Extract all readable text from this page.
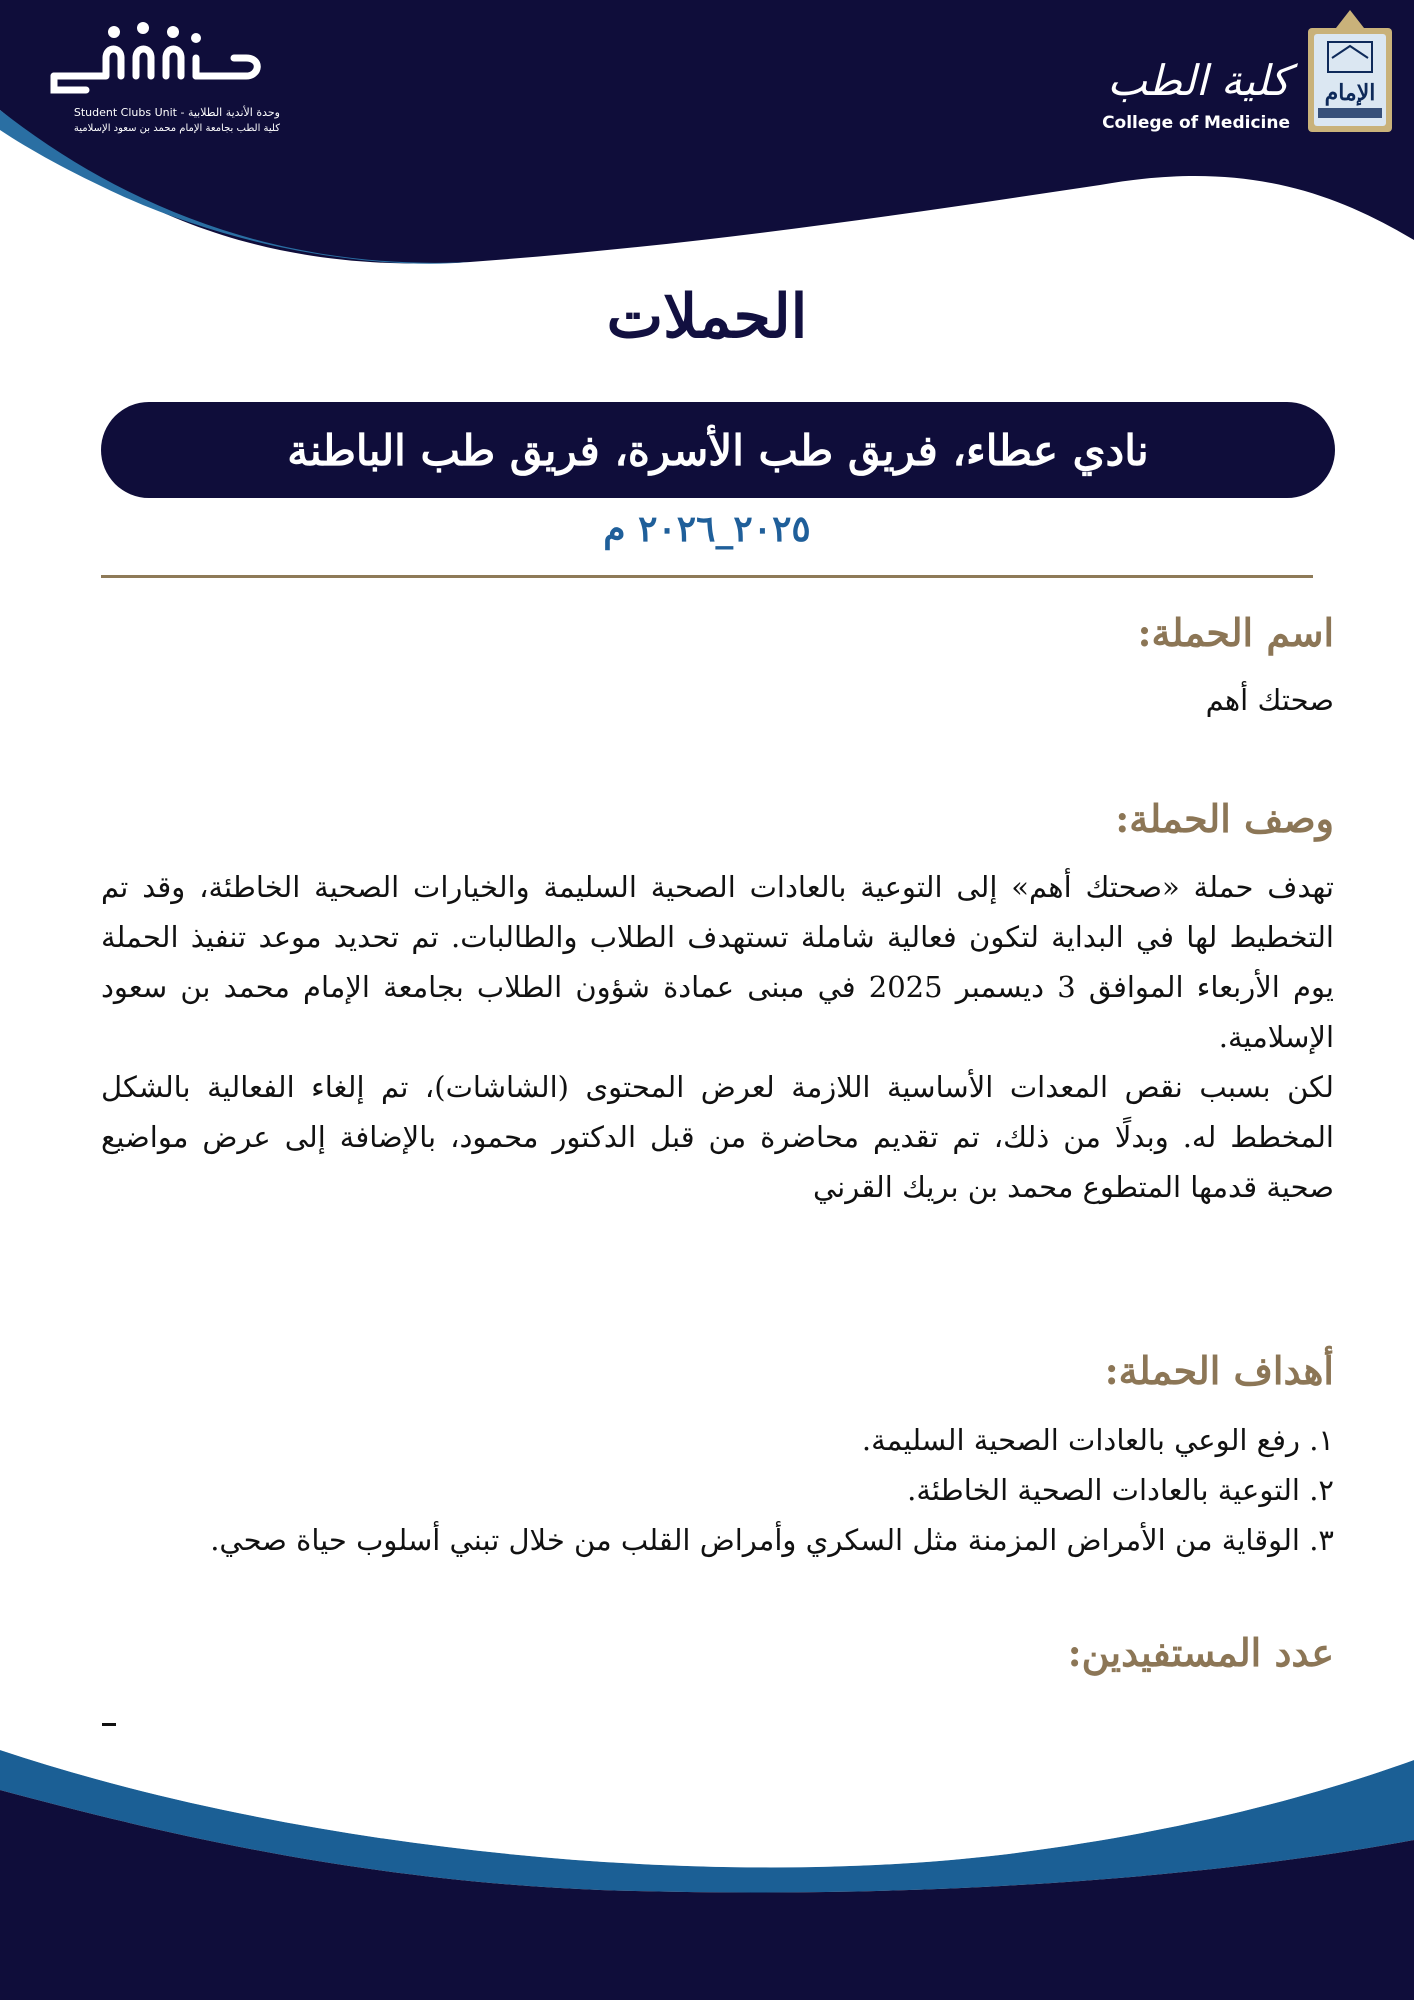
Student Clubs Unit - وحدة الأندية الطلابية
كلية الطب بجامعة الإمام محمد بن سعود الإسلامية
كلية الطب
College of Medicine
الإمام
الحملات
نادي عطاء، فريق طب الأسرة، فريق طب الباطنة
٢٠٢٥_٢٠٢٦ م
اسم الحملة:
صحتك أهم
وصف الحملة:
تهدف حملة «صحتك أهم» إلى التوعية بالعادات الصحية السليمة والخيارات الصحية الخاطئة، وقد تم التخطيط لها في البداية لتكون فعالية شاملة تستهدف الطلاب والطالبات. تم تحديد موعد تنفيذ الحملة يوم الأربعاء الموافق 3 ديسمبر 2025 في مبنى عمادة شؤون الطلاب بجامعة الإمام محمد بن سعود الإسلامية.
لكن بسبب نقص المعدات الأساسية اللازمة لعرض المحتوى (الشاشات)، تم إلغاء الفعالية بالشكل المخطط له. وبدلًا من ذلك، تم تقديم محاضرة من قبل الدكتور محمود، بالإضافة إلى عرض مواضيع صحية قدمها المتطوع محمد بن بريك القرني
أهداف الحملة:
١. رفع الوعي بالعادات الصحية السليمة.
٢. التوعية بالعادات الصحية الخاطئة.
٣. الوقاية من الأمراض المزمنة مثل السكري وأمراض القلب من خلال تبني أسلوب حياة صحي.
عدد المستفيدين:
